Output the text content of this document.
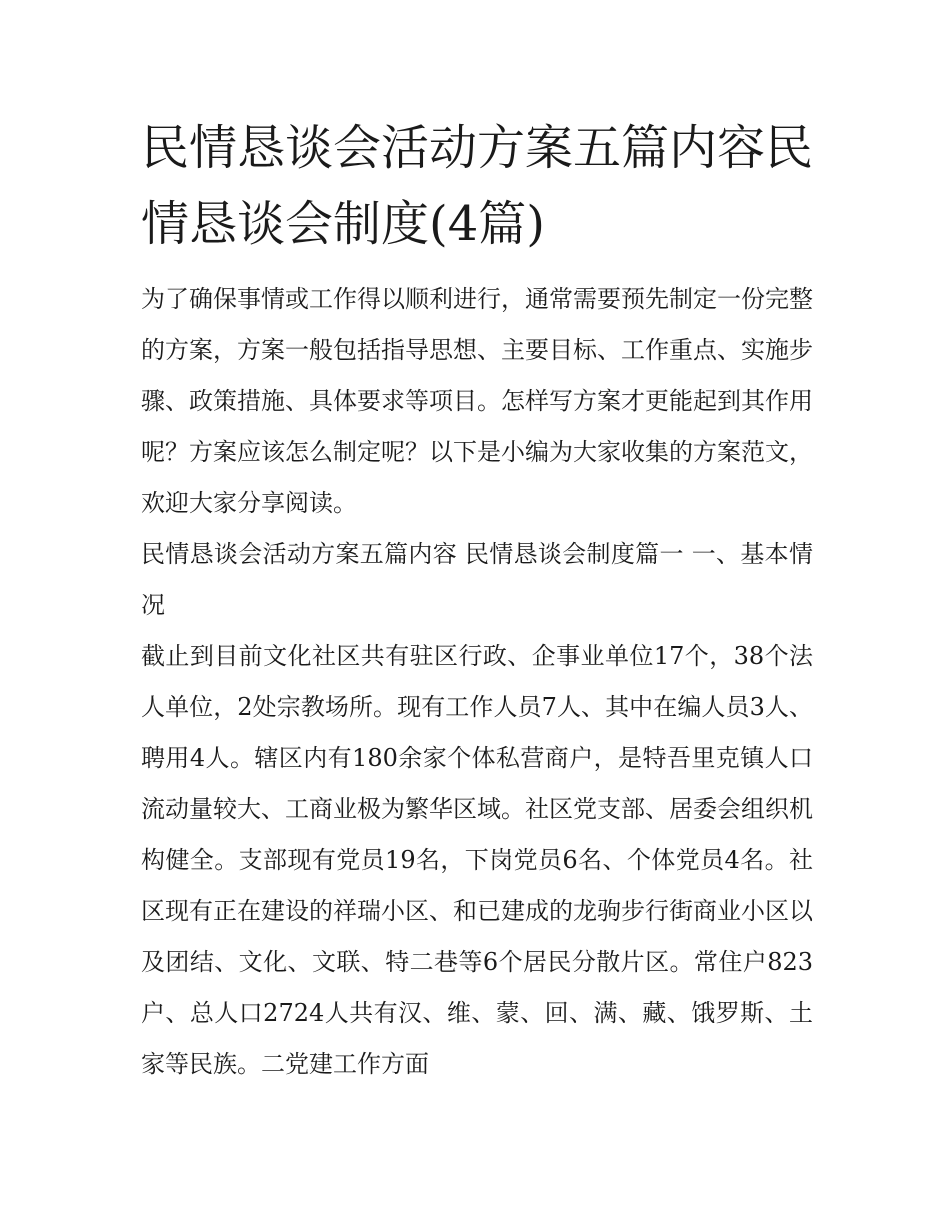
民情恳谈会活动方案五篇内容民情恳谈会制度(4篇)

为了确保事情或工作得以顺利进行，通常需要预先制定一份完整的方案，方案一般包括指导思想、主要目标、工作重点、实施步骤、政策措施、具体要求等项目。怎样写方案才更能起到其作用呢？方案应该怎么制定呢？以下是小编为大家收集的方案范文，欢迎大家分享阅读。

民情恳谈会活动方案五篇内容 民情恳谈会制度篇一 一、基本情况

截止到目前文化社区共有驻区行政、企事业单位17个，38个法人单位，2处宗教场所。现有工作人员7人、其中在编人员3人、聘用4人。辖区内有180余家个体私营商户，是特吾里克镇人口流动量较大、工商业极为繁华区域。社区党支部、居委会组织机构健全。支部现有党员19名，下岗党员6名、个体党员4名。社区现有正在建设的祥瑞小区、和已建成的龙驹步行街商业小区以及团结、文化、文联、特二巷等6个居民分散片区。常住户823户、总人口2724人共有汉、维、蒙、回、满、藏、饿罗斯、土家等民族。二党建工作方面
